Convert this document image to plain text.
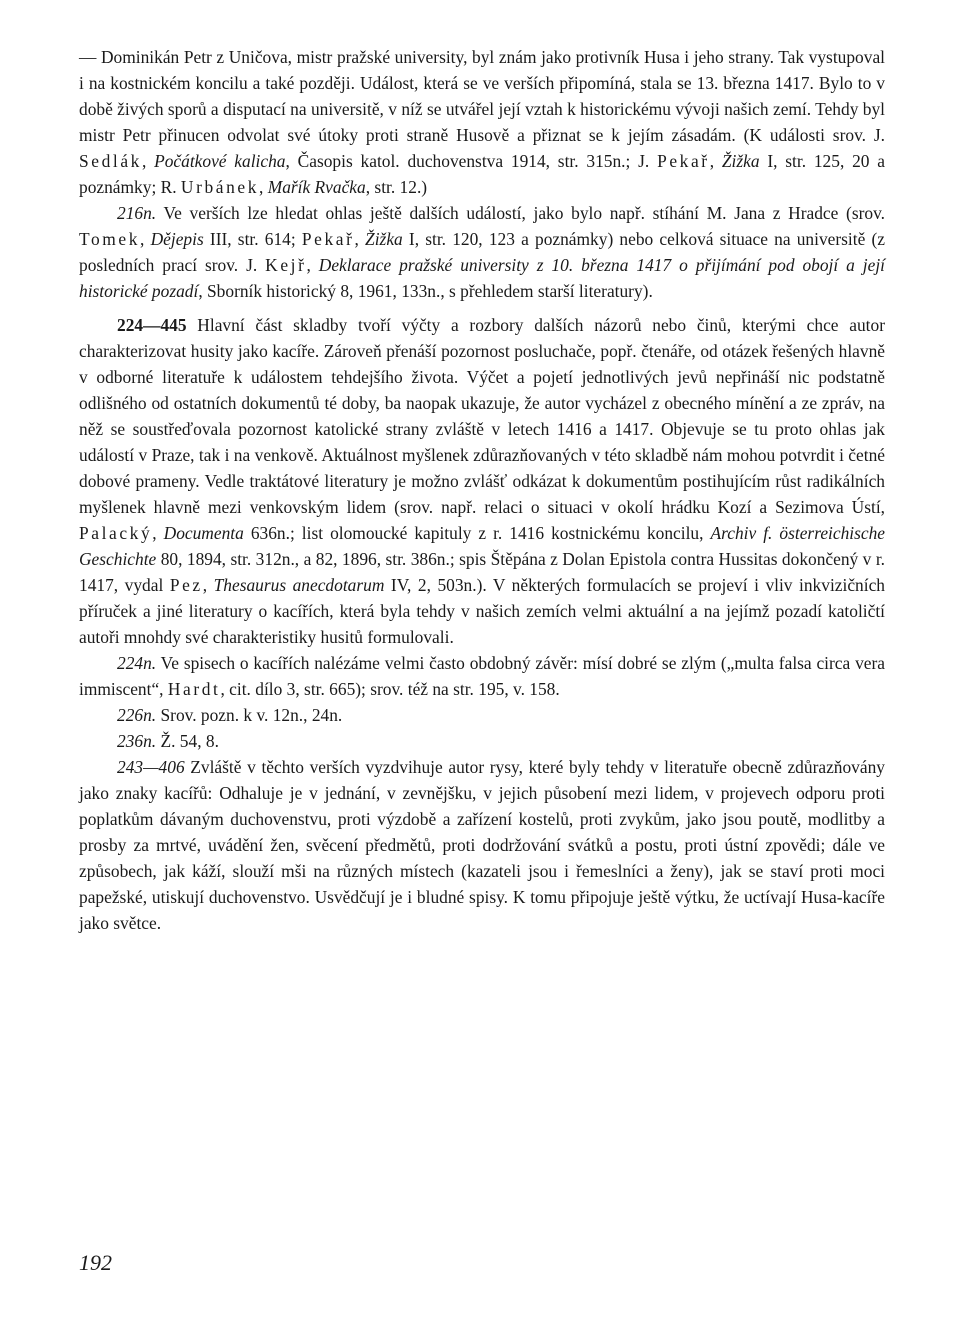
— Dominikán Petr z Uničova, mistr pražské university, byl znám jako protivník Husa i jeho strany. Tak vystupoval i na kostnickém koncilu a také později. Událost, která se ve verších připomíná, stala se 13. března 1417. Bylo to v době živých sporů a disputací na universitě, v níž se utvářel její vztah k historickému vývoji našich zemí. Tehdy byl mistr Petr přinucen odvolat své útoky proti straně Husově a přiznat se k jejím zásadám. (K události srov. J. Sedlák, Počátkové kalicha, Časopis katol. duchovenstva 1914, str. 315n.; J. Pekař, Žižka I, str. 125, 20 a poznámky; R. Urbánek, Mařík Rvačka, str. 12.)

216n. Ve verších lze hledat ohlas ještě dalších událostí, jako bylo např. stíhání M. Jana z Hradce (srov. Tomek, Dějepis III, str. 614; Pekař, Žižka I, str. 120, 123 a poznámky) nebo celková situace na universitě (z posledních prací srov. J. Kejř, Deklarace pražské university z 10. března 1417 o přijímání pod obojí a její historické pozadí, Sborník historický 8, 1961, 133n., s přehledem starší literatury).

224—445 Hlavní část skladby tvoří výčty a rozbory dalších názorů nebo činů, kterými chce autor charakterizovat husity jako kacíře. Zároveň přenáší pozornost posluchače, popř. čtenáře, od otázek řešených hlavně v odborné literatuře k událostem tehdejšího života. Výčet a pojetí jednotlivých jevů nepřináší nic podstatně odlišného od ostatních dokumentů té doby, ba naopak ukazuje, že autor vycházel z obecného mínění a ze zpráv, na něž se soustřeďovala pozornost katolické strany zvláště v letech 1416 a 1417. Objevuje se tu proto ohlas jak událostí v Praze, tak i na venkově. Aktuálnost myšlenek zdůrazňovaných v této skladbě nám mohou potvrdit i četné dobové prameny. Vedle traktátové literatury je možno zvlášť odkázat k dokumentům postihujícím růst radikálních myšlenek hlavně mezi venkovským lidem (srov. např. relaci o situaci v okolí hrádku Kozí a Sezimova Ústí, Palacký, Documenta 636n.; list olomoucké kapituly z r. 1416 kostnickému koncilu, Archiv f. österreichische Geschichte 80, 1894, str. 312n., a 82, 1896, str. 386n.; spis Štěpána z Dolan Epistola contra Hussitas dokončený v r. 1417, vydal Pez, Thesaurus anecdotarum IV, 2, 503n.). V některých formulacích se projeví i vliv inkvizičních příruček a jiné literatury o kacířích, která byla tehdy v našich zemích velmi aktuální a na jejímž pozadí katoličtí autoři mnohdy své charakteristiky husitů formulovali.

224n. Ve spisech o kacířích nalézáme velmi často obdobný závěr: mísí dobré se zlým („multa falsa circa vera immiscent“, Hardt, cit. dílo 3, str. 665); srov. též na str. 195, v. 158.

226n. Srov. pozn. k v. 12n., 24n.

236n. Ž. 54, 8.

243—406 Zvláště v těchto verších vyzdvihuje autor rysy, které byly tehdy v literatuře obecně zdůrazňovány jako znaky kacířů: Odhaluje je v jednání, v zevnějšku, v jejich působení mezi lidem, v projevech odporu proti poplatkům dávaným duchovenstvu, proti výzdobě a zařízení kostelů, proti zvykům, jako jsou poutě, modlitby a prosby za mrtvé, uvádění žen, svěcení předmětů, proti dodržování svátků a postu, proti ústní zpovědi; dále ve způsobech, jak káží, slouží mši na různých místech (kazateli jsou i řemeslníci a ženy), jak se staví proti moci papežské, utiskují duchovenstvo. Usvědčují je i bludné spisy. K tomu připojuje ještě výtku, že uctívají Husa-kacíře jako světce.

192
